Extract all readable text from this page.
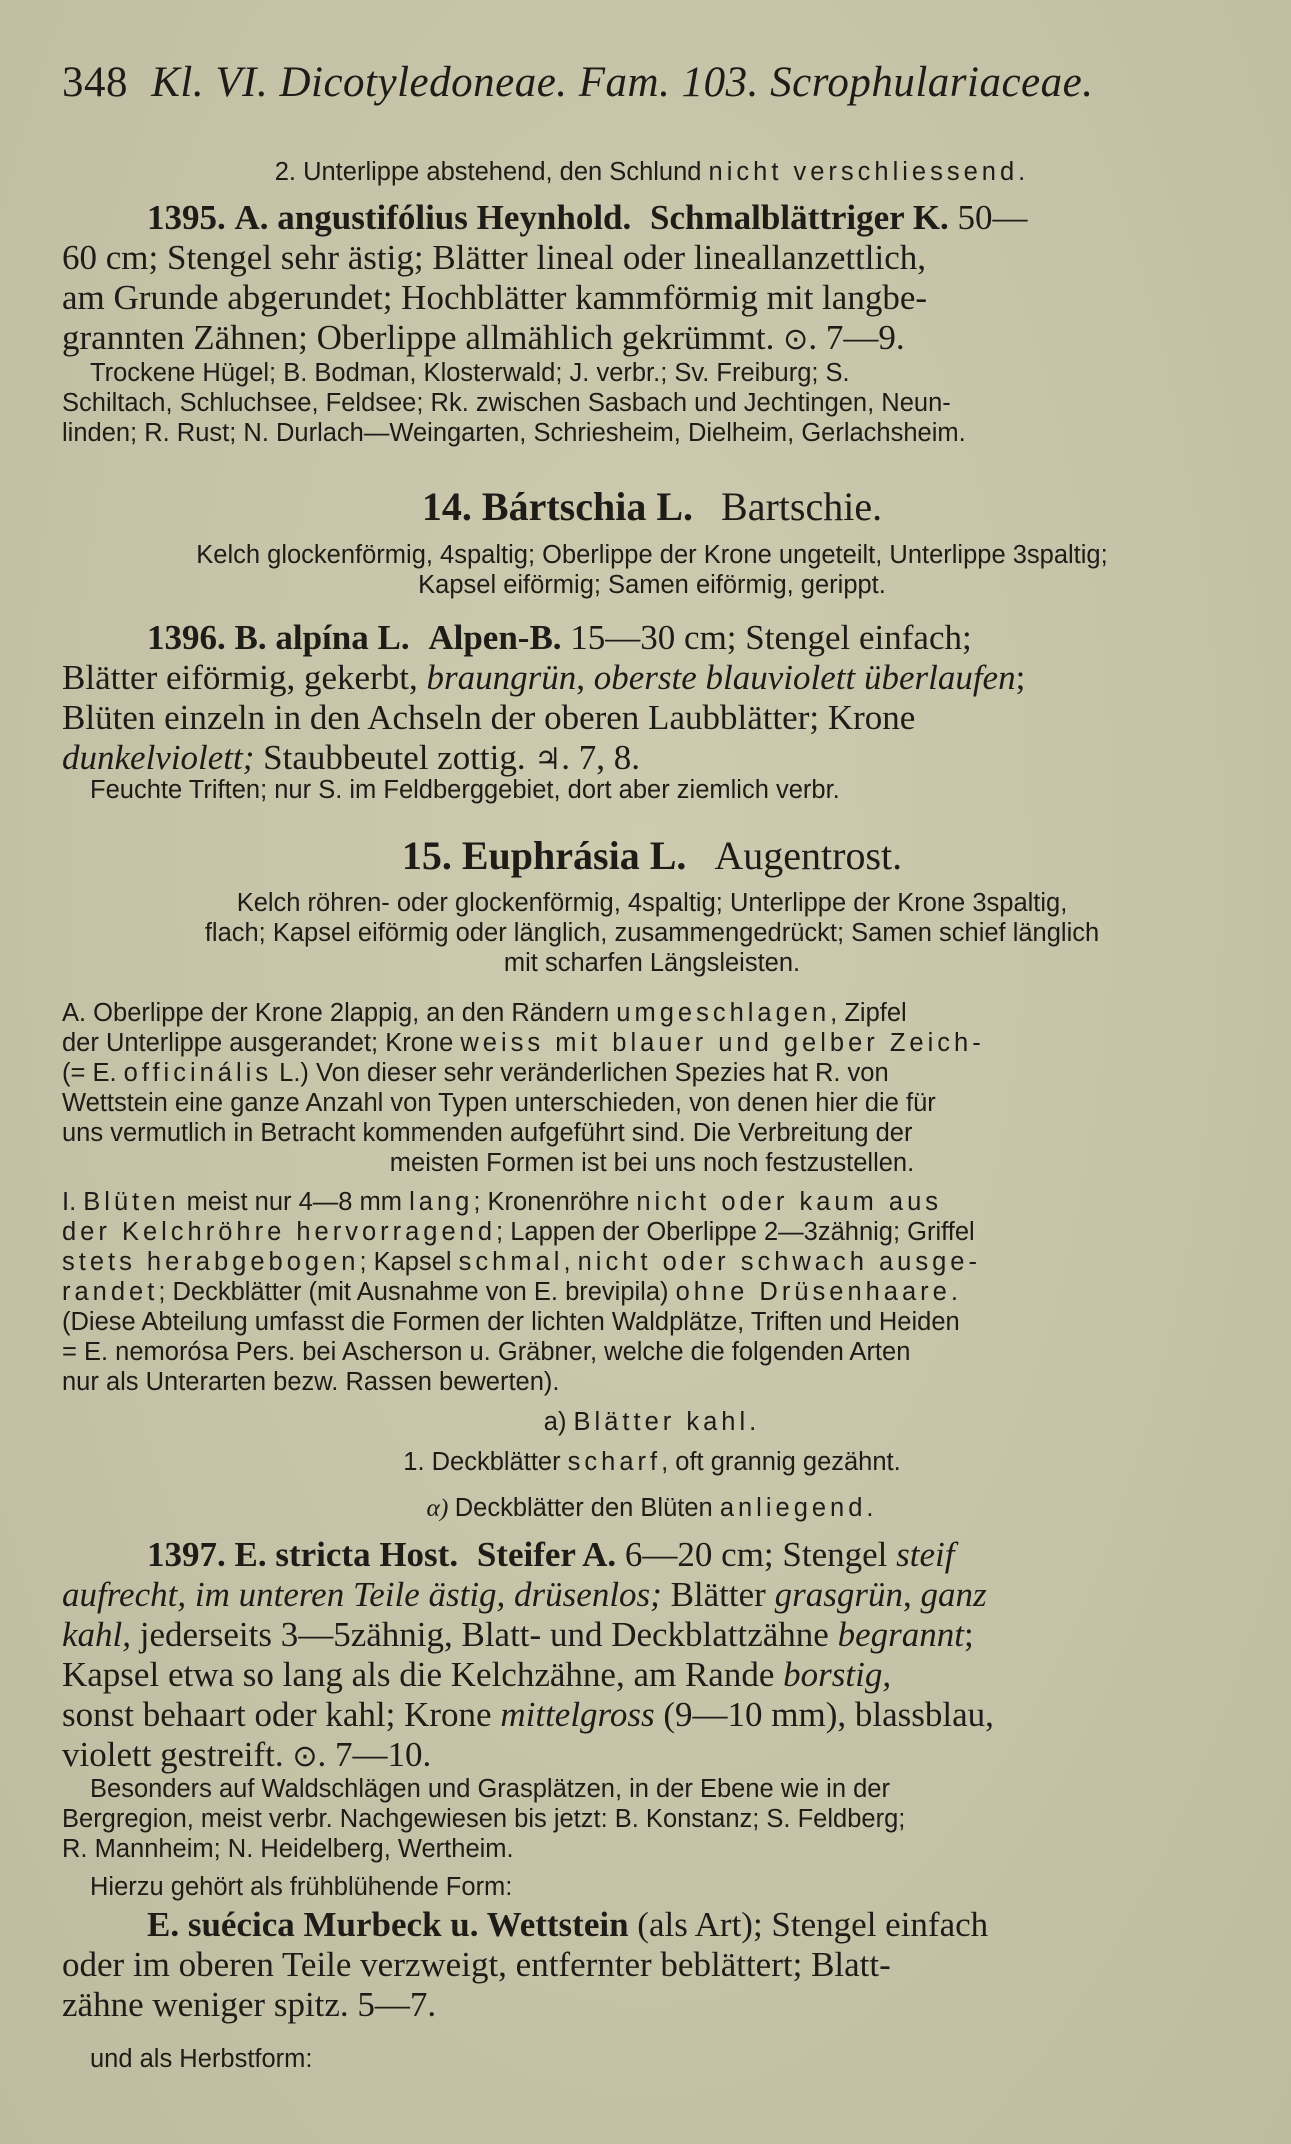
348 Kl. VI. Dicotyledoneae. Fam. 103. Scrophulariaceae.
2. Unterlippe abstehend, den Schlund nicht verschliessend.
1395. A. angustifólius Heynhold. Schmalblättriger K. 50—
60 cm; Stengel sehr ästig; Blätter lineal oder lineallanzettlich,
am Grunde abgerundet; Hochblätter kammförmig mit langbe-
grannten Zähnen; Oberlippe allmählich gekrümmt. ⊙. 7—9.
Trockene Hügel; B. Bodman, Klosterwald; J. verbr.; Sv. Freiburg; S.
Schiltach, Schluchsee, Feldsee; Rk. zwischen Sasbach und Jechtingen, Neun-
linden; R. Rust; N. Durlach—Weingarten, Schriesheim, Dielheim, Gerlachsheim.
14. Bártschia L. Bartschie.
Kelch glockenförmig, 4spaltig; Oberlippe der Krone ungeteilt, Unterlippe 3spaltig;
Kapsel eiförmig; Samen eiförmig, gerippt.
1396. B. alpína L. Alpen-B. 15—30 cm; Stengel einfach;
Blätter eiförmig, gekerbt, braungrün, oberste blauviolett überlaufen;
Blüten einzeln in den Achseln der oberen Laubblätter; Krone
dunkelviolett; Staubbeutel zottig. ♃. 7, 8.
Feuchte Triften; nur S. im Feldberggebiet, dort aber ziemlich verbr.
15. Euphrásia L. Augentrost.
Kelch röhren- oder glockenförmig, 4spaltig; Unterlippe der Krone 3spaltig,
flach; Kapsel eiförmig oder länglich, zusammengedrückt; Samen schief länglich
mit scharfen Längsleisten.
A. Oberlippe der Krone 2lappig, an den Rändern umgeschlagen, Zipfel
der Unterlippe ausgerandet; Krone weiss mit blauer und gelber Zeich-
(= E. officinális L.) Von dieser sehr veränderlichen Spezies hat R. von
Wettstein eine ganze Anzahl von Typen unterschieden, von denen hier die für
uns vermutlich in Betracht kommenden aufgeführt sind. Die Verbreitung der
meisten Formen ist bei uns noch festzustellen.
I. Blüten meist nur 4—8 mm lang; Kronenröhre nicht oder kaum aus
der Kelchröhre hervorragend; Lappen der Oberlippe 2—3zähnig; Griffel
stets herabgebogen; Kapsel schmal, nicht oder schwach ausge-
randet; Deckblätter (mit Ausnahme von E. brevipila) ohne Drüsenhaare.
(Diese Abteilung umfasst die Formen der lichten Waldplätze, Triften und Heiden
= E. nemorósa Pers. bei Ascherson u. Gräbner, welche die folgenden Arten
nur als Unterarten bezw. Rassen bewerten).
a) Blätter kahl.
1. Deckblätter scharf, oft grannig gezähnt.
α) Deckblätter den Blüten anliegend.
1397. E. stricta Host. Steifer A. 6—20 cm; Stengel steif
aufrecht, im unteren Teile ästig, drüsenlos; Blätter grasgrün, ganz
kahl, jederseits 3—5zähnig, Blatt- und Deckblattzähne begrannt;
Kapsel etwa so lang als die Kelchzähne, am Rande borstig,
sonst behaart oder kahl; Krone mittelgross (9—10 mm), blassblau,
violett gestreift. ⊙. 7—10.
Besonders auf Waldschlägen und Grasplätzen, in der Ebene wie in der
Bergregion, meist verbr. Nachgewiesen bis jetzt: B. Konstanz; S. Feldberg;
R. Mannheim; N. Heidelberg, Wertheim.
Hierzu gehört als frühblühende Form:
E. suécica Murbeck u. Wettstein (als Art); Stengel einfach
oder im oberen Teile verzweigt, entfernter beblättert; Blatt-
zähne weniger spitz. 5—7.
und als Herbstform:
